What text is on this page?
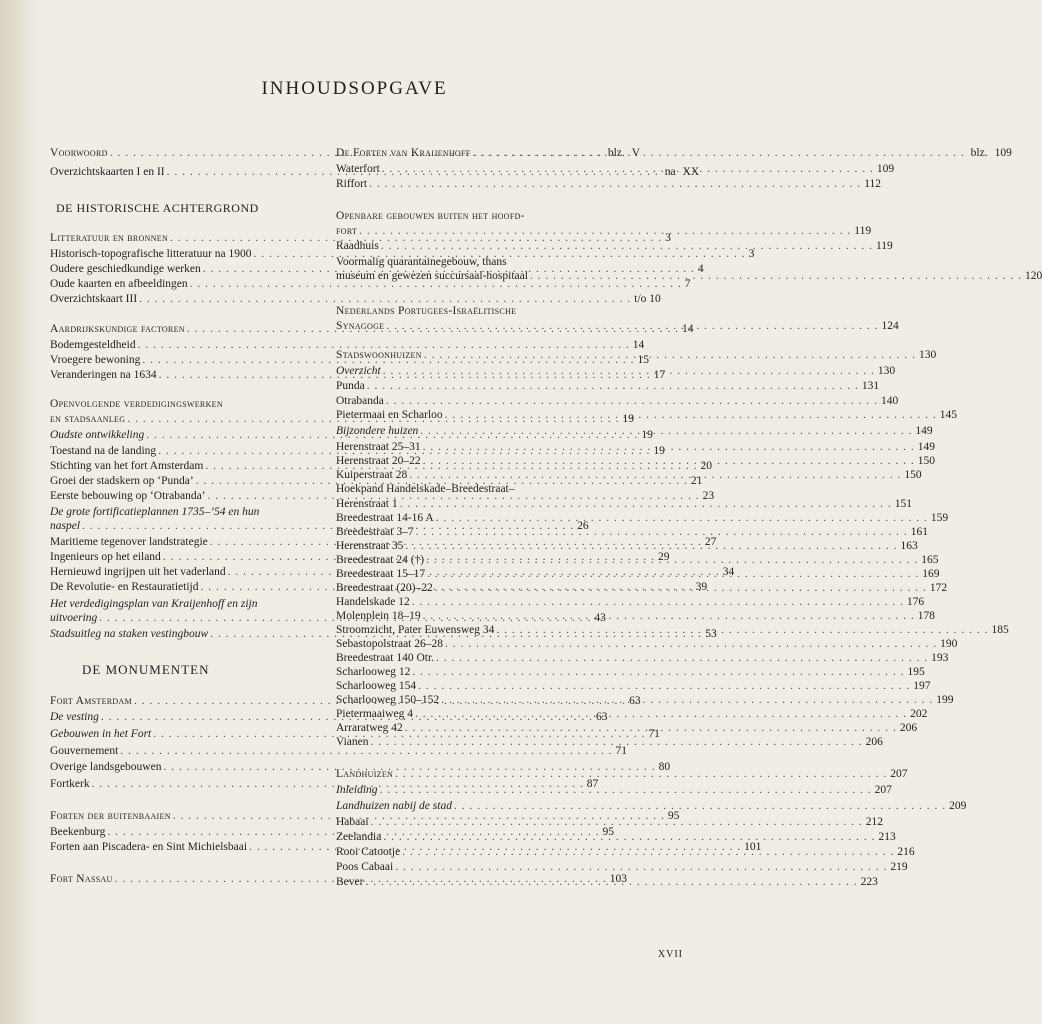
INHOUDSOPGAVE
Voorwoord . . .	blz. V
Overzichtskaarten I en II . . .	na XX
DE HISTORISCHE ACHTERGROND
Litteratuur en bronnen . . .	3
Historisch-topografische litteratuur na 1900 . . .	3
Oudere geschiedkundige werken . . .	4
Oude kaarten en afbeeldingen . . .	7
Overzichtskaart III . . .	t/o 10
Aardrijkskundige factoren . . .	14
Bodemgesteldheid . . .	14
Vroegere bewoning . . .	15
Veranderingen na 1634 . . .	17
Openvolgende verdedigingswerken
en stadsaanleg . . .	19
Oudste ontwikkeling . . .	19
Toestand na de landing . . .	19
Stichting van het fort Amsterdam . . .	20
Groei der stadskern op ‘Punda’ . . .	21
Eerste bebouwing op ‘Otrabanda’ . . .	23
De grote fortificatieplannen 1735–’54 en hun
naspel . . .	26
Maritieme tegenover landstrategie . . .	27
Ingenieurs op het eiland . . .	29
Hernieuwd ingrijpen uit het vaderland . . .	34
De Revolutie- en Restauratietijd . . .	39
Het verdedigingsplan van Kraijenhoff en zijn
uitvoering . . .	43
Stadsuitleg na staken vestingbouw . . .	53
DE MONUMENTEN
Fort Amsterdam . . .	63
De vesting . . .	63
Gebouwen in het Fort . . .	71
Gouvernement . . .	71
Overige landsgebouwen . . .	80
Fortkerk . . .	87
Forten der buitenbaaien . . .	95
Beekenburg . . .	95
Forten aan Piscadera- en Sint Michielsbaai . . .	101
Fort Nassau . . .	103
De Forten van Kraijenhoff . . .	blz. 109
Waterfort . . .	109
Riffort . . .	112
Openbare gebouwen buiten het hoofd-
fort . . .	119
Raadhuis . . .	119
Voormalig quarantainegebouw, thans
museum en gewezen succursaal-hospitaal . . .	120
Nederlands Portugees-Israëlitische
Synagoge . . .	124
Stadswoonhuizen . . .	130
Overzicht . . .	130
Punda . . .	131
Otrabanda . . .	140
Pietermaai en Scharloo . . .	145
Bijzondere huizen . . .	149
Herenstraat 25–31 . . .	149
Herenstraat 20–22 . . .	150
Kuiperstraat 28 . . .	150
Hoekpand Handelskade–Breedestraat–
Herenstraat 1 . . .	151
Breedestraat 14-16 A . . .	159
Breedestraat 3–7 . . .	161
Herenstraat 35 . . .	163
Breedestraat 24 (†) . . .	165
Breedestraat 15–17 . . .	169
Breedestraat (20)–22 . . .	172
Handelskade 12 . . .	176
Molenplein 18–19 . . .	178
Stroomzicht, Pater Euwensweg 34 . . .	185
Sebastopolstraat 26–28 . . .	190
Breedestraat 140 Otr. . . .	193
Scharlooweg 12 . . .	195
Scharlooweg 154 . . .	197
Scharlooweg 150–152 . . .	199
Pietermaaiweg 4 . . .	202
Arraratweg 42 . . .	206
Vianen . . .	206
Landhuizen . . .	207
Inleiding . . .	207
Landhuizen nabij de stad . . .	209
Habaai . . .	212
Zeelandia . . .	213
Rooi Catootje . . .	216
Poos Cabaai . . .	219
Bever . . .	223
XVII
